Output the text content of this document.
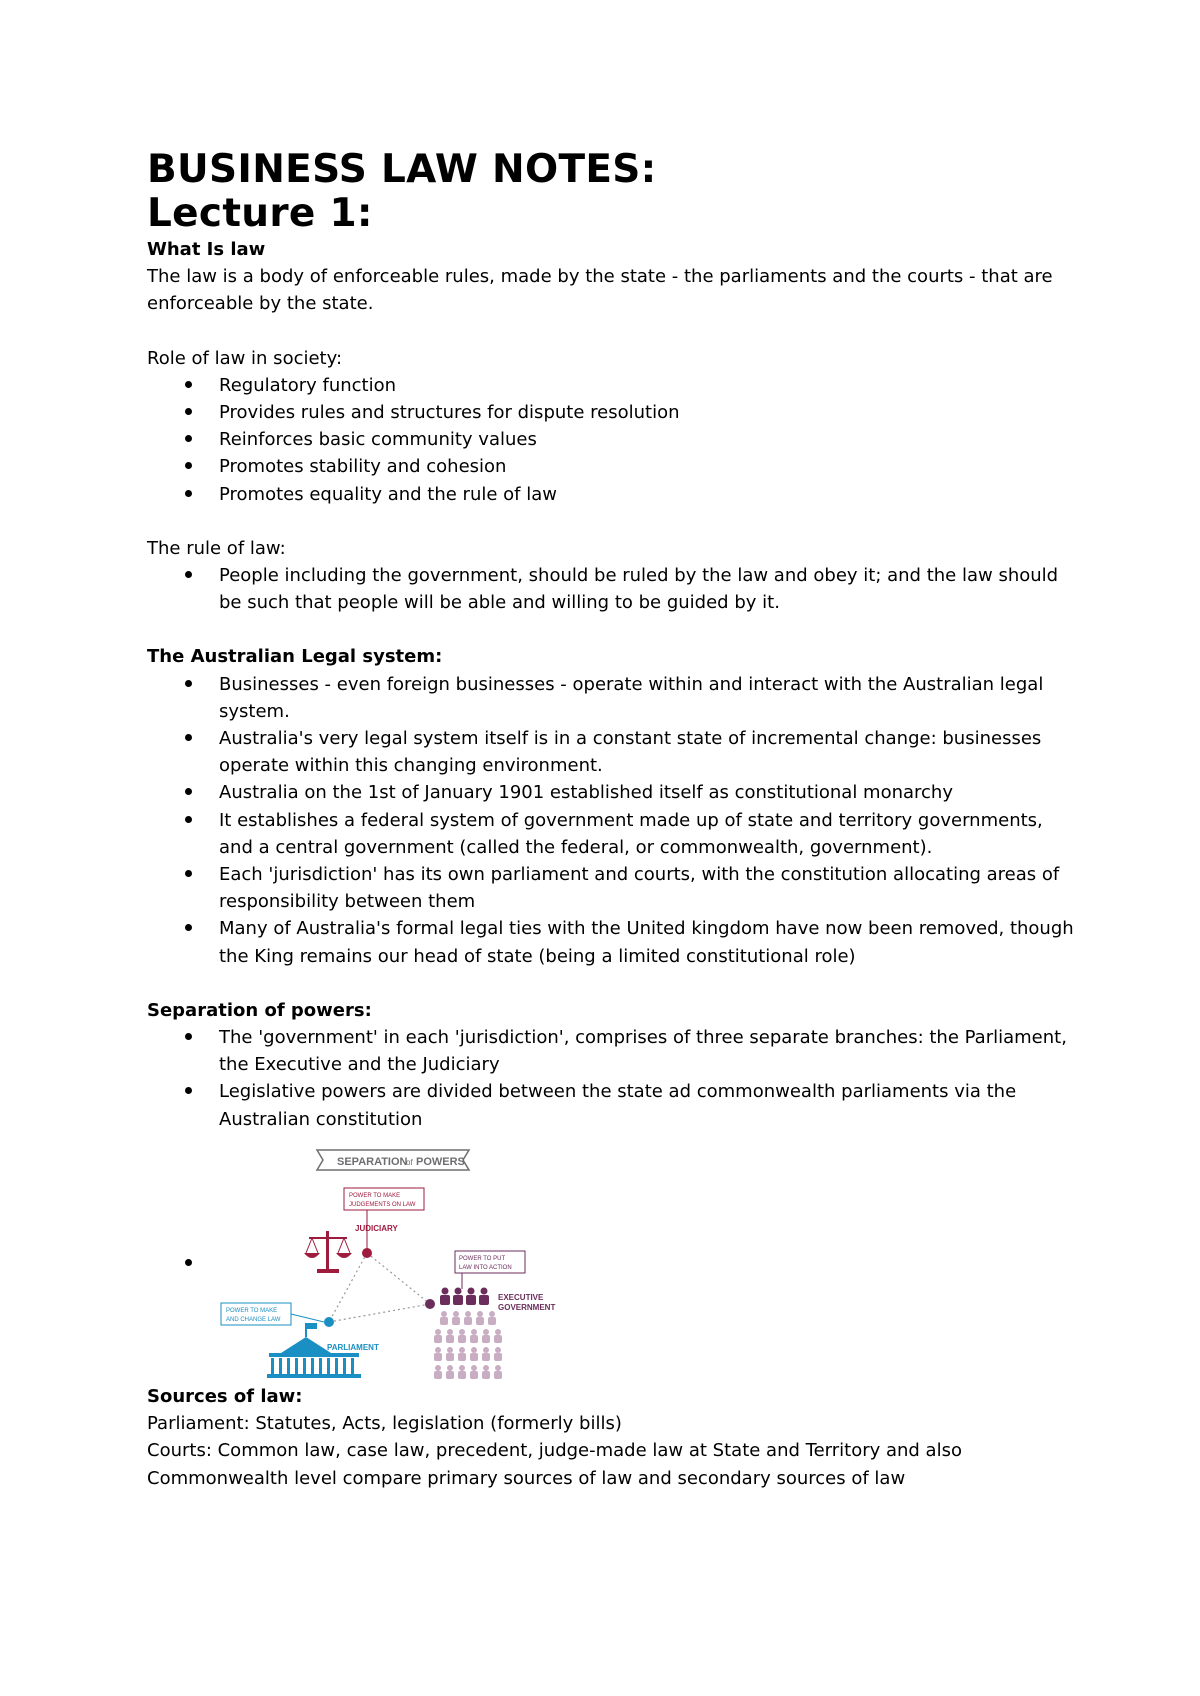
BUSINESS LAW NOTES:
Lecture 1:

What Is law

The law is a body of enforceable rules, made by the state - the parliaments and the courts - that are enforceable by the state.

Role of law in society:

Regulatory function
Provides rules and structures for dispute resolution
Reinforces basic community values
Promotes stability and cohesion
Promotes equality and the rule of law

The rule of law:

People including the government, should be ruled by the law and obey it; and the law should be such that people will be able and willing to be guided by it.

The Australian Legal system:

Businesses - even foreign businesses - operate within and interact with the Australian legal system.
Australia's very legal system itself is in a constant state of incremental change: businesses operate within this changing environment.
Australia on the 1st of January 1901 established itself as constitutional monarchy
It establishes a federal system of government made up of state and territory governments, and a central government (called the federal, or commonwealth, government).
Each 'jurisdiction' has its own parliament and courts, with the constitution allocating areas of responsibility between them
Many of Australia's formal legal ties with the United kingdom have now been removed, though the King remains our head of state (being a limited constitutional role)

Separation of powers:

The 'government' in each 'jurisdiction', comprises of three separate branches: the Parliament, the Executive and the Judiciary
Legislative powers are divided between the state ad commonwealth parliaments via the Australian constitution
SEPARATION
of POWERS
POWER TO MAKE
JUDGEMENTS ON LAW
JUDICIARY
POWER TO PUT
LAW INTO ACTION
EXECUTIVE
GOVERNMENT
POWER TO MAKE
AND CHANGE LAW
PARLIAMENT

Sources of law:

Parliament: Statutes, Acts, legislation (formerly bills)

Courts: Common law, case law, precedent, judge-made law at State and Territory and also Commonwealth level compare primary sources of law and secondary sources of law
